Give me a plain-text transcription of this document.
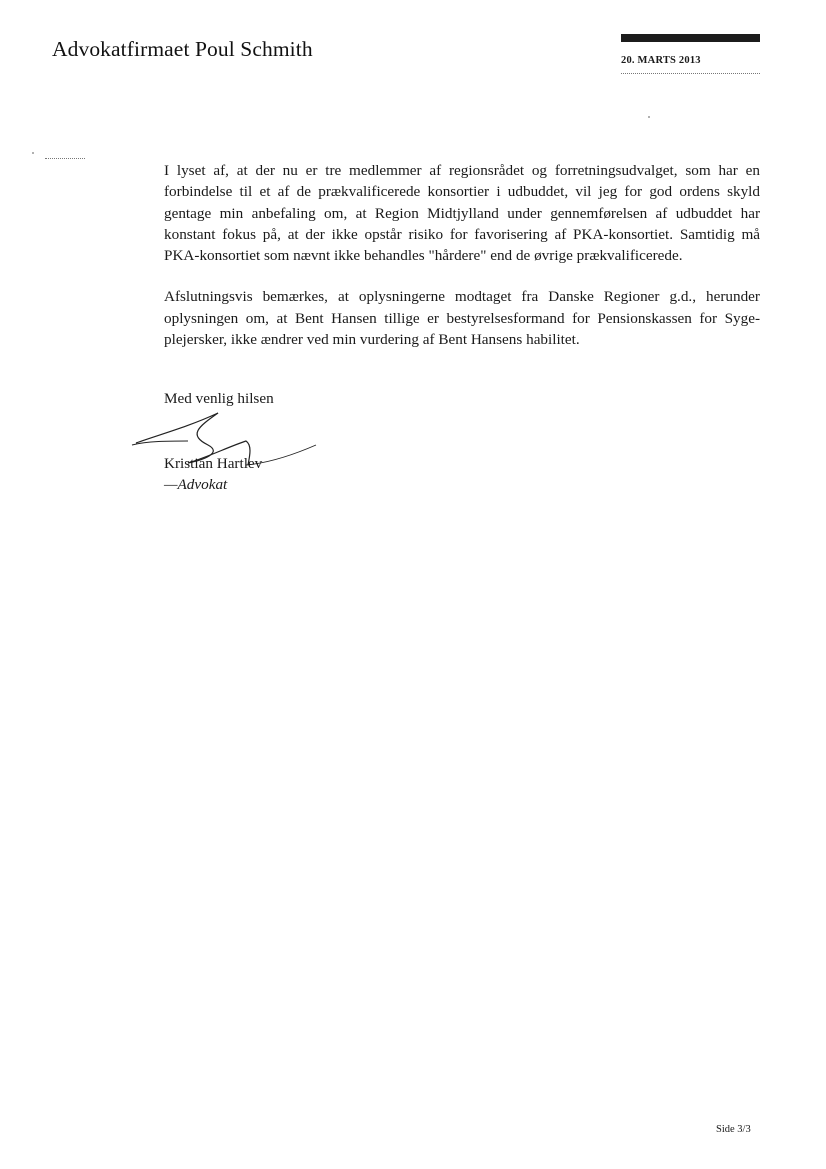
Advokatfirmaet Poul Schmith	20. MARTS 2013

I lyset af, at der nu er tre medlemmer af regionsrådet og forretningsudvalget, som har en forbindelse til et af de prækvalificerede konsortier i udbuddet, vil jeg for god ordens skyld gentage min anbefaling om, at Region Midtjylland under gennemførelsen af udbuddet har konstant fokus på, at der ikke opstår risiko for favorisering af PKA-konsortiet. Samtidig må PKA-konsortiet som nævnt ikke behandles "hårdere" end de øvrige prækvalificerede.

Afslutningsvis bemærkes, at oplysningerne modtaget fra Danske Regioner g.d., herunder oplysningen om, at Bent Hansen tillige er bestyrelsesformand for Pensionskassen for Syge-plejersker, ikke ændrer ved min vurdering af Bent Hansens habilitet.

Med venlig hilsen
Kristian Hartlev
—Advokat
Side 3/3
